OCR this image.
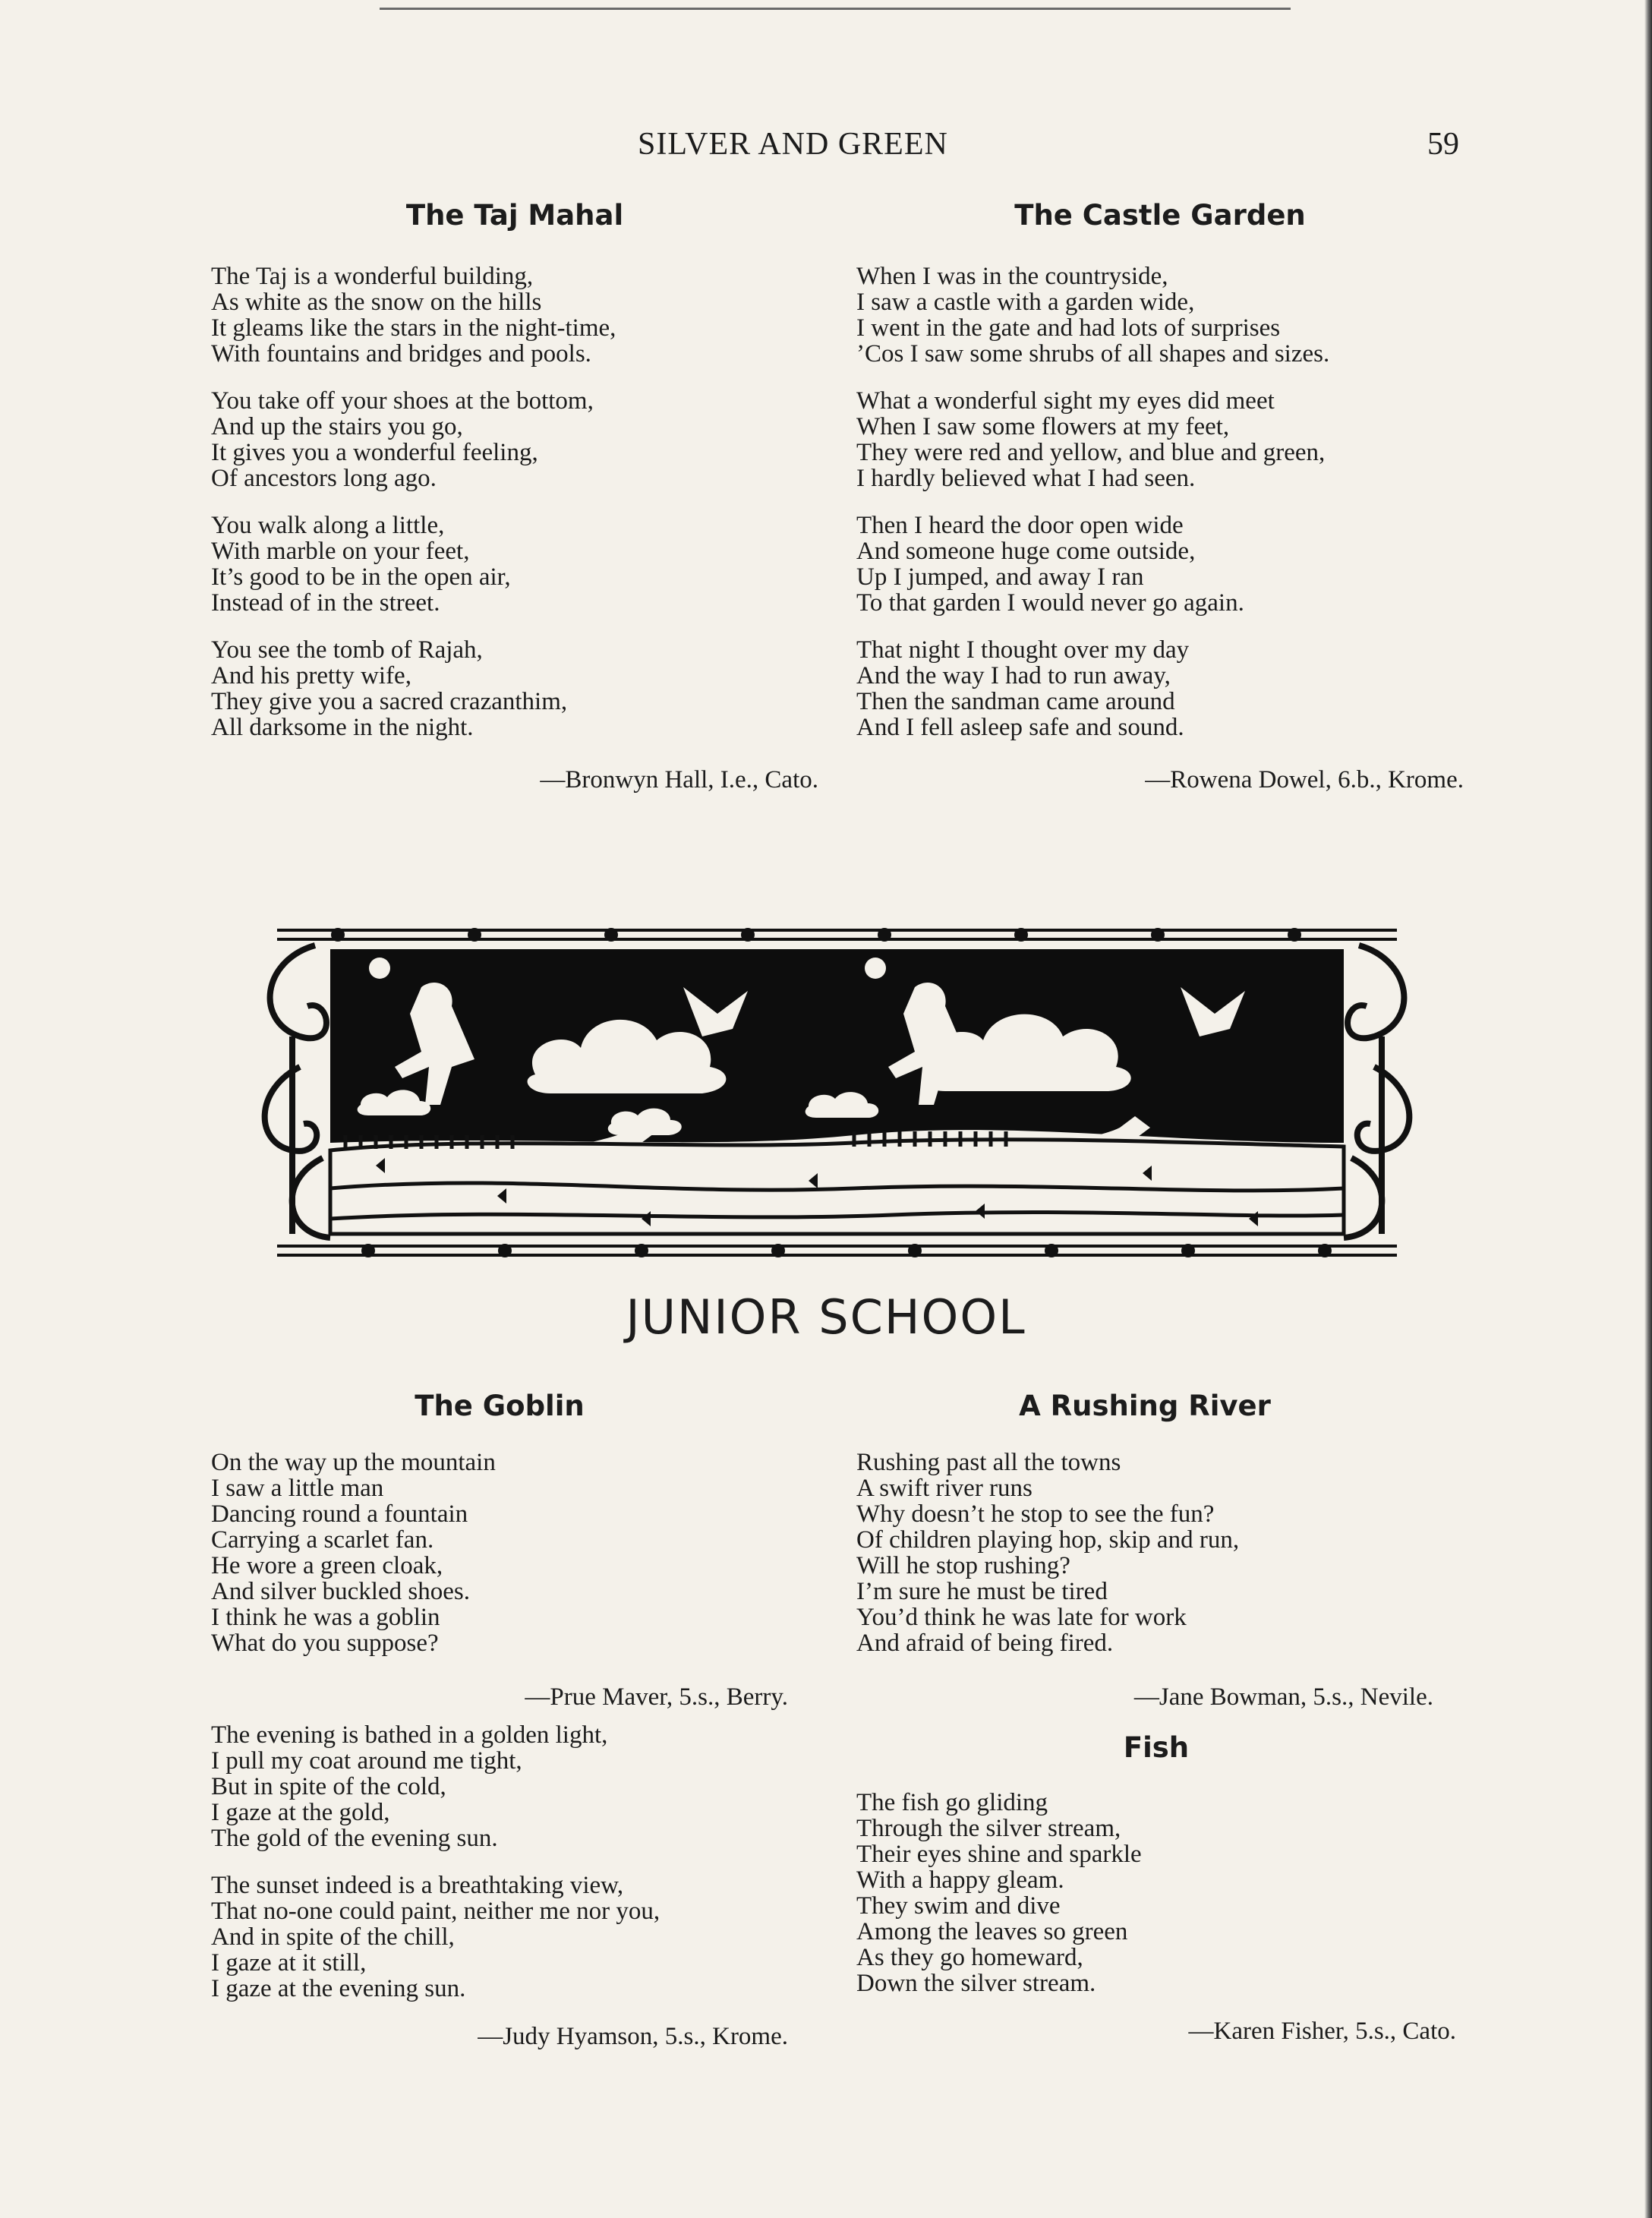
SILVER AND GREEN	59
The Taj Mahal
The Taj is a wonderful building,
As white as the snow on the hills
It gleams like the stars in the night-time,
With fountains and bridges and pools.
You take off your shoes at the bottom,
And up the stairs you go,
It gives you a wonderful feeling,
Of ancestors long ago.
You walk along a little,
With marble on your feet,
It’s good to be in the open air,
Instead of in the street.
You see the tomb of Rajah,
And his pretty wife,
They give you a sacred crazanthim,
All darksome in the night.
—Bronwyn Hall, I.e., Cato.
The Castle Garden
When I was in the countryside,
I saw a castle with a garden wide,
I went in the gate and had lots of surprises
’Cos I saw some shrubs of all shapes and sizes.
What a wonderful sight my eyes did meet
When I saw some flowers at my feet,
They were red and yellow, and blue and green,
I hardly believed what I had seen.
Then I heard the door open wide
And someone huge come outside,
Up I jumped, and away I ran
To that garden I would never go again.
That night I thought over my day
And the way I had to run away,
Then the sandman came around
And I fell asleep safe and sound.
—Rowena Dowel, 6.b., Krome.
JUNIOR SCHOOL
The Goblin
On the way up the mountain
I saw a little man
Dancing round a fountain
Carrying a scarlet fan.
He wore a green cloak,
And silver buckled shoes.
I think he was a goblin
What do you suppose?
—Prue Maver, 5.s., Berry.
The evening is bathed in a golden light,
I pull my coat around me tight,
But in spite of the cold,
I gaze at the gold,
The gold of the evening sun.
The sunset indeed is a breathtaking view,
That no-one could paint, neither me nor you,
And in spite of the chill,
I gaze at it still,
I gaze at the evening sun.
—Judy Hyamson, 5.s., Krome.
A Rushing River
Rushing past all the towns
A swift river runs
Why doesn’t he stop to see the fun?
Of children playing hop, skip and run,
Will he stop rushing?
I’m sure he must be tired
You’d think he was late for work
And afraid of being fired.
—Jane Bowman, 5.s., Nevile.
Fish
The fish go gliding
Through the silver stream,
Their eyes shine and sparkle
With a happy gleam.
They swim and dive
Among the leaves so green
As they go homeward,
Down the silver stream.
—Karen Fisher, 5.s., Cato.
